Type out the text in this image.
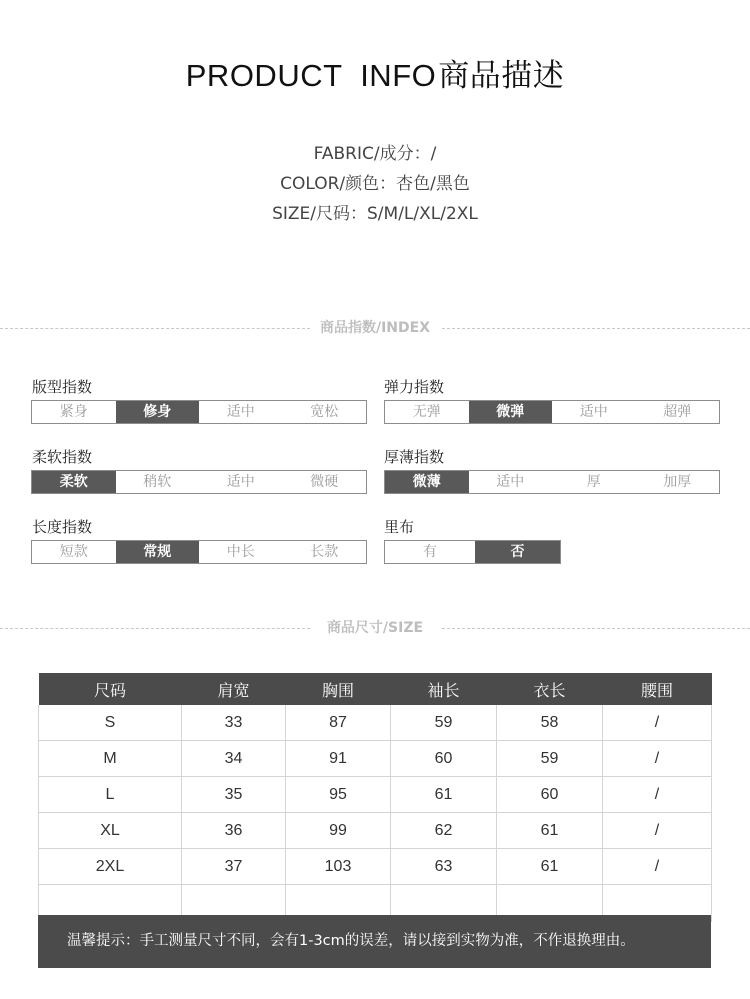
PRODUCT  INFO商品描述
FABRIC/成分：/
COLOR/颜色：杏色/黑色
SIZE/尺码：S/M/L/XL/2XL
商品指数/INDEX
版型指数
紧身	修身	适中	宽松
弹力指数
无弹	微弹	适中	超弹
柔软指数
柔软	稍软	适中	微硬
厚薄指数
微薄	适中	厚	加厚
长度指数
短款	常规	中长	长款
里布
有	否
商品尺寸/SIZE
尺码	肩宽	胸围	袖长	衣长	腰围
S	33	87	59	58	/
M	34	91	60	59	/
L	35	95	61	60	/
XL	36	99	62	61	/
2XL	37	103	63	61	/

温馨提示：手工测量尺寸不同，会有1-3cm的误差，请以接到实物为准，不作退换理由。
